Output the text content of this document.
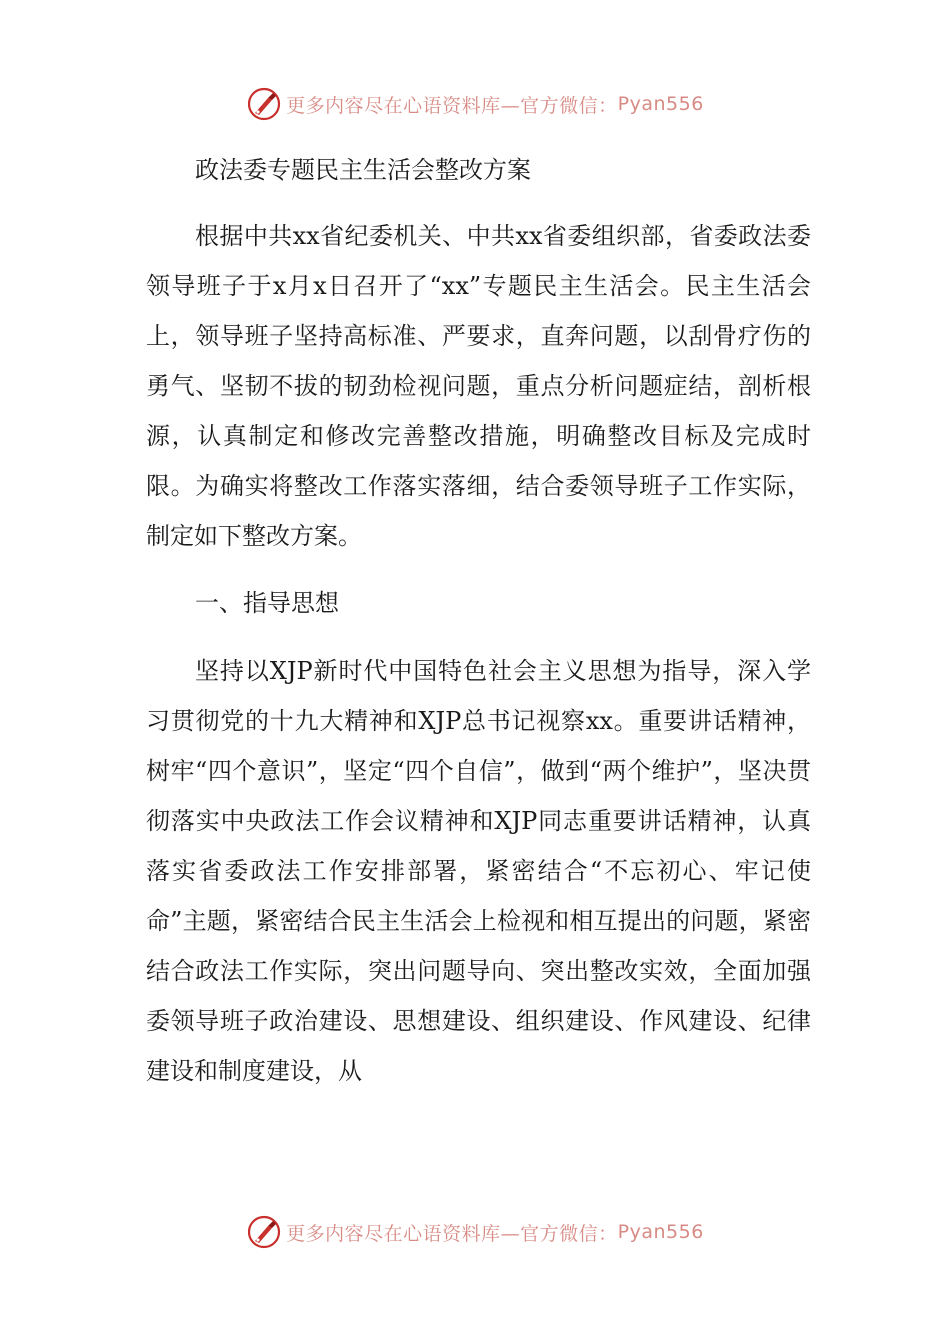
更多内容尽在心语资料库—官方微信： Pyan556

政法委专题民主生活会整改方案

根据中共xx省纪委机关、中共xx省委组织部，省委政法委领导班子于x月x日召开了“xx”专题民主生活会。民主生活会上，领导班子坚持高标准、严要求，直奔问题，以刮骨疗伤的勇气、坚韧不拔的韧劲检视问题，重点分析问题症结，剖析根源，认真制定和修改完善整改措施，明确整改目标及完成时限。为确实将整改工作落实落细，结合委领导班子工作实际，制定如下整改方案。

一、指导思想

坚持以XJP新时代中国特色社会主义思想为指导，深入学习贯彻党的十九大精神和XJP总书记视察xx。重要讲话精神，树牢“四个意识”，坚定“四个自信”，做到“两个维护”，坚决贯彻落实中央政法工作会议精神和XJP同志重要讲话精神，认真落实省委政法工作安排部署，紧密结合“不忘初心、牢记使命”主题，紧密结合民主生活会上检视和相互提出的问题，紧密结合政法工作实际，突出问题导向、突出整改实效，全面加强委领导班子政治建设、思想建设、组织建设、作风建设、纪律建设和制度建设，从

更多内容尽在心语资料库—官方微信： Pyan556
